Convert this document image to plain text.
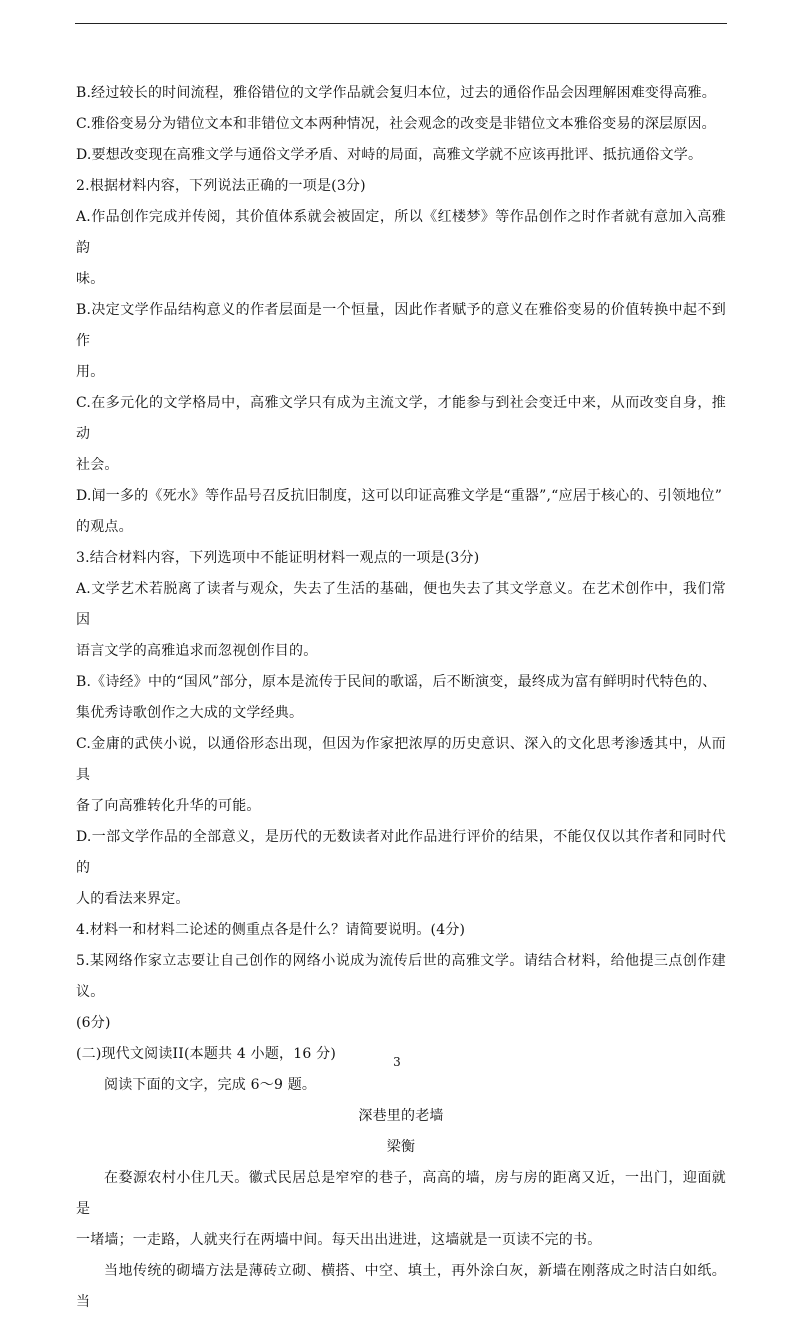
B.经过较长的时间流程，雅俗错位的文学作品就会复归本位，过去的通俗作品会因理解困难变得高雅。

C.雅俗变易分为错位文本和非错位文本两种情况，社会观念的改变是非错位文本雅俗变易的深层原因。

D.要想改变现在高雅文学与通俗文学矛盾、对峙的局面，高雅文学就不应该再批评、抵抗通俗文学。

2.根据材料内容，下列说法正确的一项是(3分)

A.作品创作完成并传阅，其价值体系就会被固定，所以《红楼梦》等作品创作之时作者就有意加入高雅韵

味。

B.决定文学作品结构意义的作者层面是一个恒量，因此作者赋予的意义在雅俗变易的价值转换中起不到作

用。

C.在多元化的文学格局中，高雅文学只有成为主流文学，才能参与到社会变迁中来，从而改变自身，推动

社会。

D.闻一多的《死水》等作品号召反抗旧制度，这可以印证高雅文学是“重器”,“应居于核心的、引领地位”

的观点。

3.结合材料内容，下列选项中不能证明材料一观点的一项是(3分)

A.文学艺术若脱离了读者与观众，失去了生活的基础，便也失去了其文学意义。在艺术创作中，我们常因

语言文学的高雅追求而忽视创作目的。

B.《诗经》中的“国风”部分，原本是流传于民间的歌谣，后不断演变，最终成为富有鲜明时代特色的、

集优秀诗歌创作之大成的文学经典。

C.金庸的武侠小说，以通俗形态出现，但因为作家把浓厚的历史意识、深入的文化思考渗透其中，从而具

备了向高雅转化升华的可能。

D.一部文学作品的全部意义，是历代的无数读者对此作品进行评价的结果，不能仅仅以其作者和同时代的

人的看法来界定。

4.材料一和材料二论述的侧重点各是什么？请简要说明。(4分)

5.某网络作家立志要让自己创作的网络小说成为流传后世的高雅文学。请结合材料，给他提三点创作建议。

(6分)

(二)现代文阅读II(本题共 4 小题，16 分)

阅读下面的文字，完成 6～9 题。

深巷里的老墙

梁衡

在婺源农村小住几天。徽式民居总是窄窄的巷子，高高的墙，房与房的距离又近，一出门，迎面就是

一堵墙；一走路，人就夹行在两墙中间。每天出出进进，这墙就是一页读不完的书。

当地传统的砌墙方法是薄砖立砌、横搭、中空、填土，再外涂白灰，新墙在刚落成之时洁白如纸。当

3
